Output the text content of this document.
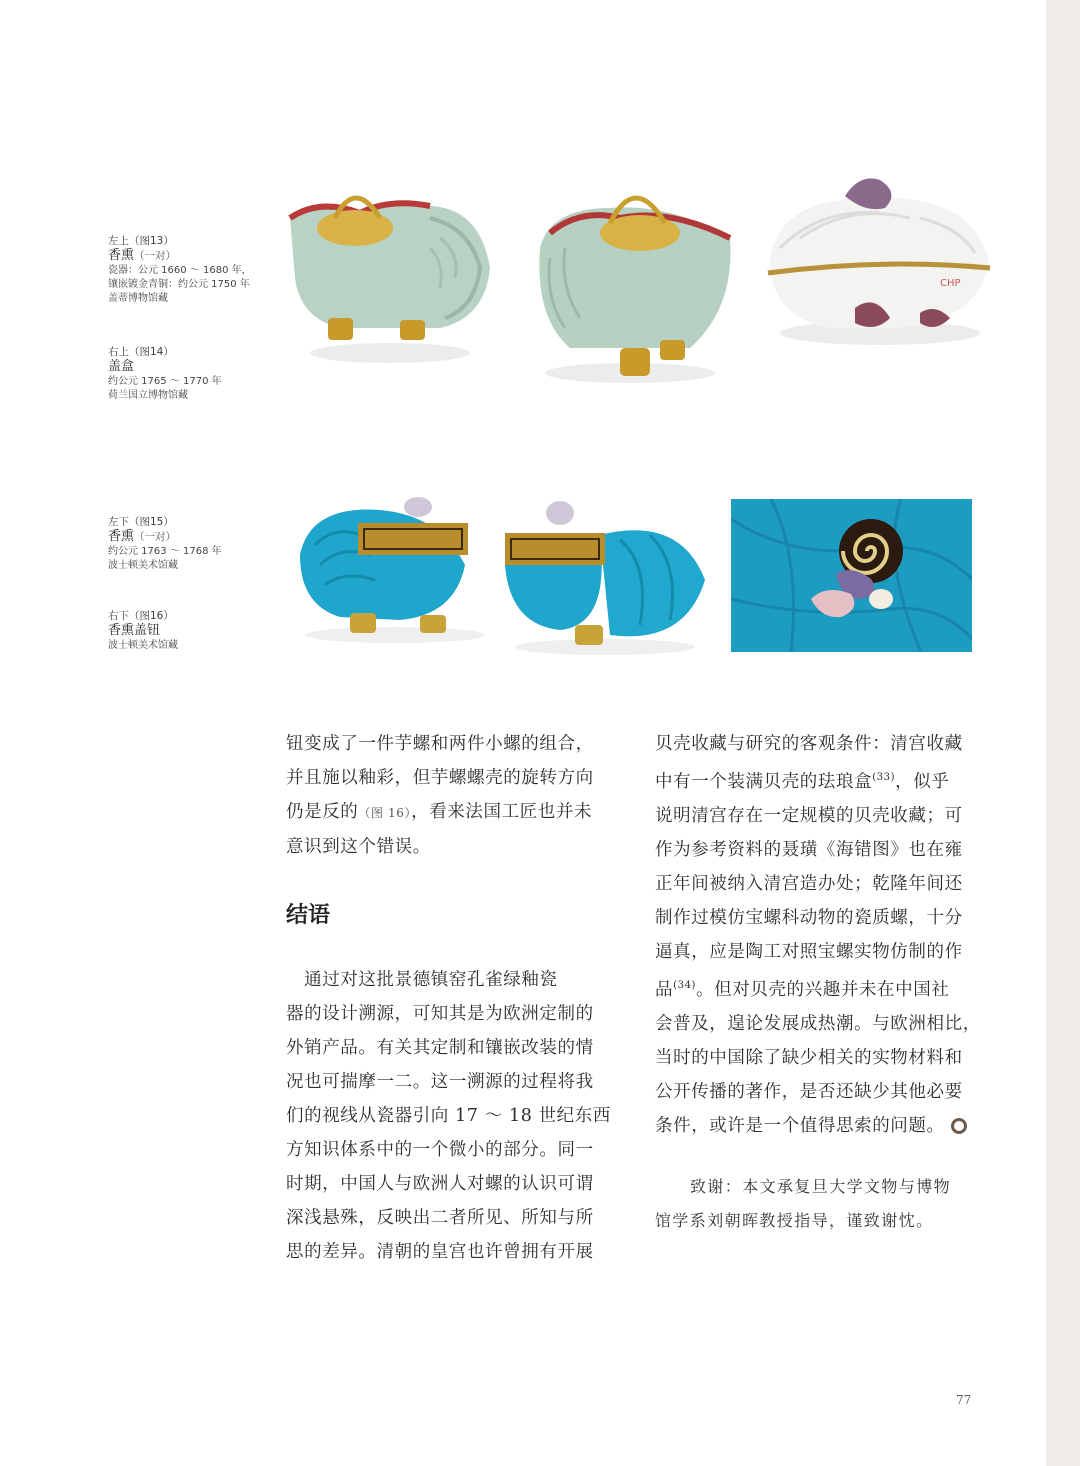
左上（图13）
香熏（一对）
瓷器：公元 1660 ～ 1680 年，
镶嵌镀金青铜：约公元 1750 年
盖蒂博物馆藏
右上（图14）
盖盒
约公元 1765 ～ 1770 年
荷兰国立博物馆藏
左下（图15）
香熏（一对）
约公元 1763 ～ 1768 年
波士顿美术馆藏
右下（图16）
香熏盖钮
波士顿美术馆藏
CHP
钮变成了一件芋螺和两件小螺的组合，
并且施以釉彩，但芋螺螺壳的旋转方向
仍是反的（图 16），看来法国工匠也并未
意识到这个错误。
结语
　通过对这批景德镇窑孔雀绿釉瓷
器的设计溯源，可知其是为欧洲定制的
外销产品。有关其定制和镶嵌改装的情
况也可揣摩一二。这一溯源的过程将我
们的视线从瓷器引向 17 ～ 18 世纪东西
方知识体系中的一个微小的部分。同一
时期，中国人与欧洲人对螺的认识可谓
深浅悬殊，反映出二者所见、所知与所
思的差异。清朝的皇宫也许曾拥有开展
贝壳收藏与研究的客观条件：清宫收藏
中有一个装满贝壳的珐琅盒$^{(33)}$，似乎
说明清宫存在一定规模的贝壳收藏；可
作为参考资料的聂璜《海错图》也在雍
正年间被纳入清宫造办处；乾隆年间还
制作过模仿宝螺科动物的瓷质螺，十分
逼真，应是陶工对照宝螺实物仿制的作
品$^{(34)}$。但对贝壳的兴趣并未在中国社
会普及，遑论发展成热潮。与欧洲相比，
当时的中国除了缺少相关的实物材料和
公开传播的著作，是否还缺少其他必要
条件，或许是一个值得思索的问题。
致谢：本文承复旦大学文物与博物
馆学系刘朝晖教授指导，谨致谢忱。
77
